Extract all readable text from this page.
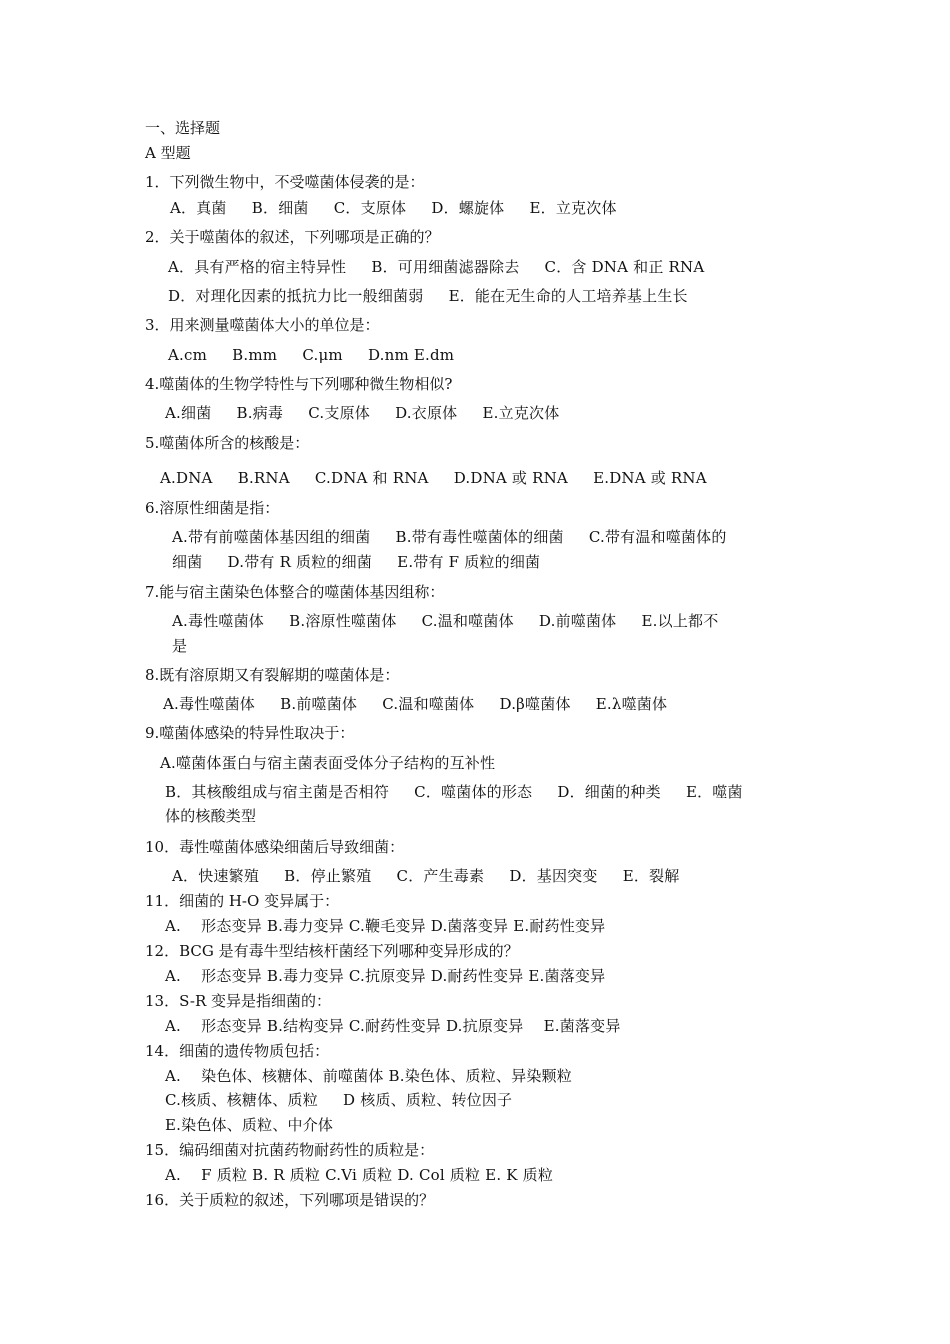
一、选择题
A 型题
1．下列微生物中，不受噬菌体侵袭的是：
A．真菌 　 B．细菌 　 C．支原体 　 D．螺旋体 　 E．立克次体
2．关于噬菌体的叙述，下列哪项是正确的？
A．具有严格的宿主特异性 　 B．可用细菌滤器除去 　 C．含 DNA 和正 RNA
D．对理化因素的抵抗力比一般细菌弱 　 E．能在无生命的人工培养基上生长
3．用来测量噬菌体大小的单位是：
A.cm 　 B.mm 　 C.μm 　 D.nm E.dm
4.噬菌体的生物学特性与下列哪种微生物相似?
A.细菌 　 B.病毒 　 C.支原体 　 D.衣原体 　 E.立克次体
5.噬菌体所含的核酸是：
A.DNA 　 B.RNA 　 C.DNA 和 RNA 　 D.DNA 或 RNA 　 E.DNA 或 RNA
6.溶原性细菌是指：
A.带有前噬菌体基因组的细菌 　 B.带有毒性噬菌体的细菌 　 C.带有温和噬菌体的
细菌 　 D.带有 R 质粒的细菌 　 E.带有 F 质粒的细菌
7.能与宿主菌染色体整合的噬菌体基因组称：
A.毒性噬菌体 　 B.溶原性噬菌体 　 C.温和噬菌体 　 D.前噬菌体 　 E.以上都不
是
8.既有溶原期又有裂解期的噬菌体是：
A.毒性噬菌体 　 B.前噬菌体 　 C.温和噬菌体 　 D.β噬菌体 　 E.λ噬菌体
9.噬菌体感染的特异性取决于：
A.噬菌体蛋白与宿主菌表面受体分子结构的互补性
B．其核酸组成与宿主菌是否相符 　 C．噬菌体的形态 　 D．细菌的种类 　 E．噬菌
体的核酸类型
10．毒性噬菌体感染细菌后导致细菌：
A．快速繁殖 　 B．停止繁殖 　 C．产生毒素 　 D．基因突变 　 E．裂解
11．细菌的 H-O 变异属于：
A. 　形态变异 B.毒力变异 C.鞭毛变异 D.菌落变异 E.耐药性变异
12．BCG 是有毒牛型结核杆菌经下列哪种变异形成的？
A. 　形态变异 B.毒力变异 C.抗原变异 D.耐药性变异 E.菌落变异
13．S-R 变异是指细菌的：
A. 　形态变异 B.结构变异 C.耐药性变异 D.抗原变异 　E.菌落变异
14．细菌的遗传物质包括：
A. 　染色体、核糖体、前噬菌体 B.染色体、质粒、异染颗粒
C.核质、核糖体、质粒 　 D 核质、质粒、转位因子
E.染色体、质粒、中介体
15．编码细菌对抗菌药物耐药性的质粒是：
A. 　F 质粒 B. R 质粒 C.Vi 质粒 D. Col 质粒 E. K 质粒
16．关于质粒的叙述，下列哪项是错误的？
